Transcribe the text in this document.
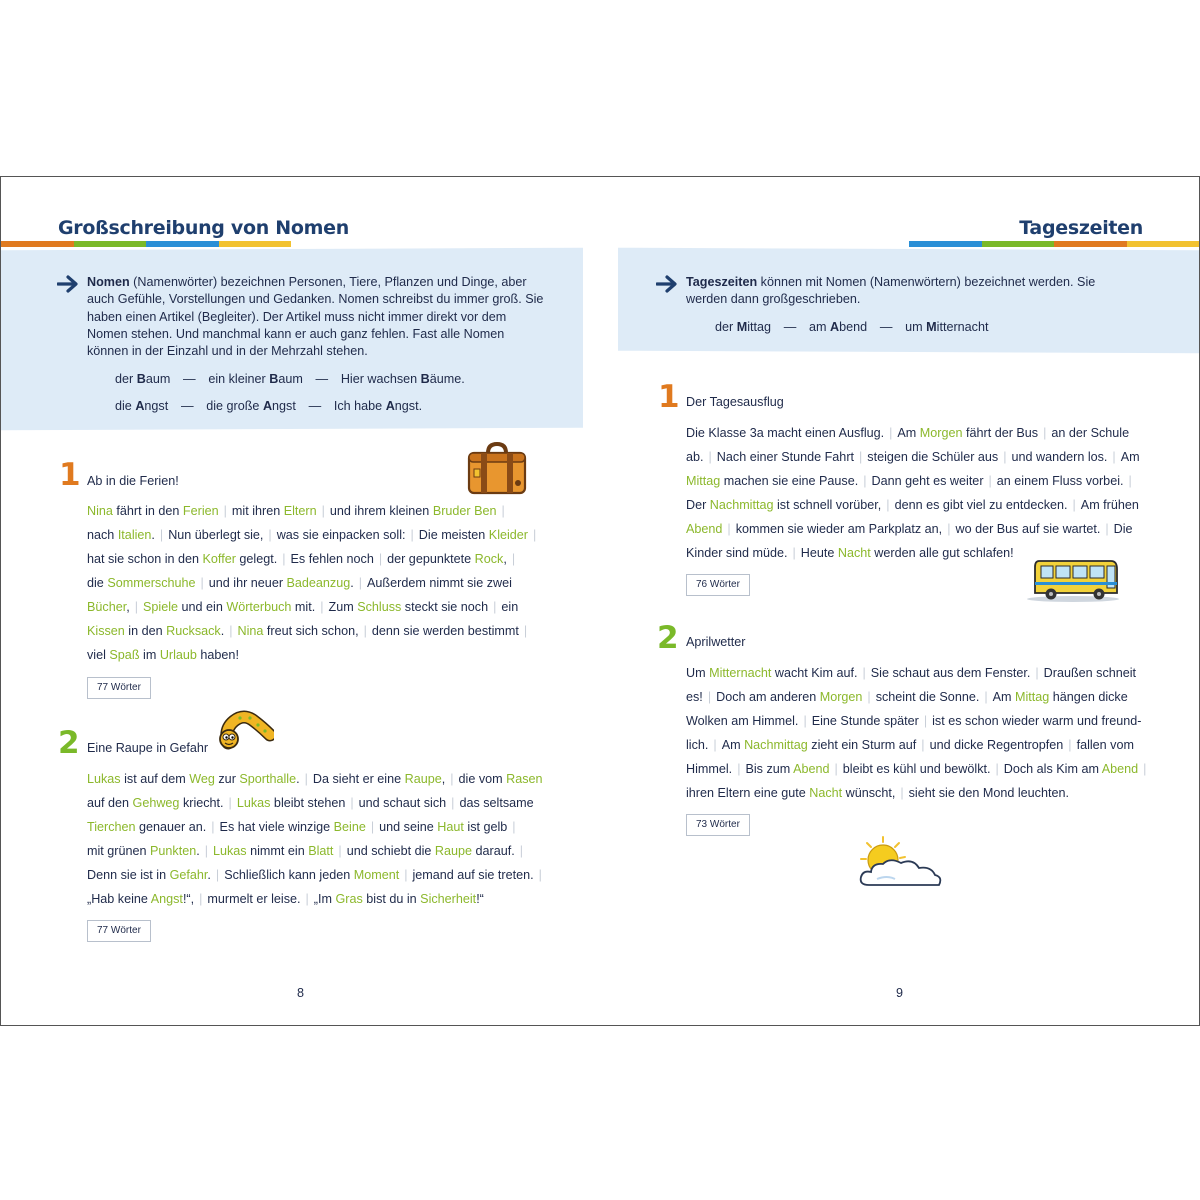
Großschreibung von Nomen
Nomen (Namenwörter) bezeichnen Personen, Tiere, Pflanzen und Dinge, aber auch Gefühle, Vorstellungen und Gedanken. Nomen schreibst du immer groß. Sie haben einen Artikel (Begleiter). Der Artikel muss nicht immer direkt vor dem Nomen stehen. Und manchmal kann er auch ganz fehlen. Fast alle Nomen können in der Einzahl und in der Mehrzahl stehen.
der Baum — ein kleiner Baum — Hier wachsen Bäume.
die Angst — die große Angst — Ich habe Angst.
1 Ab in die Ferien!
Nina fährt in den Ferien | mit ihren Eltern | und ihrem kleinen Bruder Ben |
nach Italien. | Nun überlegt sie, | was sie einpacken soll: | Die meisten Kleider |
hat sie schon in den Koffer gelegt. | Es fehlen noch | der gepunktete Rock, |
die Sommerschuhe | und ihr neuer Badeanzug. | Außerdem nimmt sie zwei
Bücher, | Spiele und ein Wörterbuch mit. | Zum Schluss steckt sie noch | ein
Kissen in den Rucksack. | Nina freut sich schon, | denn sie werden bestimmt |
viel Spaß im Urlaub haben!
77 Wörter
2 Eine Raupe in Gefahr
Lukas ist auf dem Weg zur Sporthalle. | Da sieht er eine Raupe, | die vom Rasen
auf den Gehweg kriecht. | Lukas bleibt stehen | und schaut sich | das seltsame
Tierchen genauer an. | Es hat viele winzige Beine | und seine Haut ist gelb |
mit grünen Punkten. | Lukas nimmt ein Blatt | und schiebt die Raupe darauf. |
Denn sie ist in Gefahr. | Schließlich kann jeden Moment | jemand auf sie treten. |
„Hab keine Angst!“, | murmelt er leise. | „Im Gras bist du in Sicherheit!“
77 Wörter
8
Tageszeiten
Tageszeiten können mit Nomen (Namenwörtern) bezeichnet werden. Sie werden dann großgeschrieben.
der Mittag — am Abend — um Mitternacht
1 Der Tagesausflug
Die Klasse 3a macht einen Ausflug. | Am Morgen fährt der Bus | an der Schule
ab. | Nach einer Stunde Fahrt | steigen die Schüler aus | und wandern los. | Am
Mittag machen sie eine Pause. | Dann geht es weiter | an einem Fluss vorbei. |
Der Nachmittag ist schnell vorüber, | denn es gibt viel zu entdecken. | Am frühen
Abend | kommen sie wieder am Parkplatz an, | wo der Bus auf sie wartet. | Die
Kinder sind müde. | Heute Nacht werden alle gut schlafen!
76 Wörter
2 Aprilwetter
Um Mitternacht wacht Kim auf. | Sie schaut aus dem Fenster. | Draußen schneit
es! | Doch am anderen Morgen | scheint die Sonne. | Am Mittag hängen dicke
Wolken am Himmel. | Eine Stunde später | ist es schon wieder warm und freund-
lich. | Am Nachmittag zieht ein Sturm auf | und dicke Regentropfen | fallen vom
Himmel. | Bis zum Abend | bleibt es kühl und bewölkt. | Doch als Kim am Abend |
ihren Eltern eine gute Nacht wünscht, | sieht sie den Mond leuchten.
73 Wörter
9
